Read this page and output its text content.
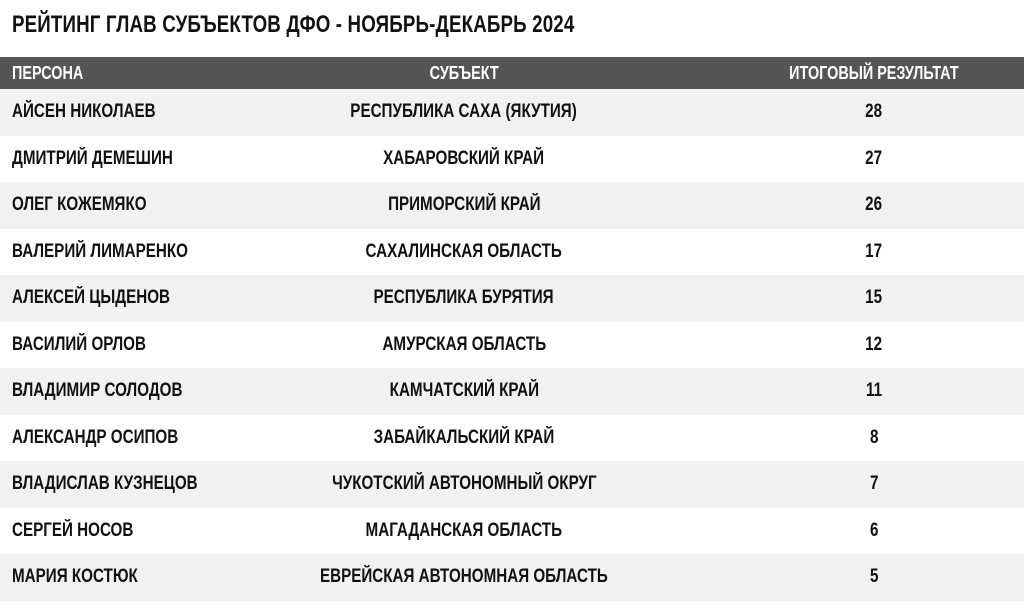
РЕЙТИНГ ГЛАВ СУБЪЕКТОВ ДФО - НОЯБРЬ-ДЕКАБРЬ 2024
ПЕРСОНА	СУБЪЕКТ	ИТОГОВЫЙ РЕЗУЛЬТАТ
АЙСЕН НИКОЛАЕВ	РЕСПУБЛИКА САХА (ЯКУТИЯ)	28
ДМИТРИЙ ДЕМЕШИН	ХАБАРОВСКИЙ КРАЙ	27
ОЛЕГ КОЖЕМЯКО	ПРИМОРСКИЙ КРАЙ	26
ВАЛЕРИЙ ЛИМАРЕНКО	САХАЛИНСКАЯ ОБЛАСТЬ	17
АЛЕКСЕЙ ЦЫДЕНОВ	РЕСПУБЛИКА БУРЯТИЯ	15
ВАСИЛИЙ ОРЛОВ	АМУРСКАЯ ОБЛАСТЬ	12
ВЛАДИМИР СОЛОДОВ	КАМЧАТСКИЙ КРАЙ	11
АЛЕКСАНДР ОСИПОВ	ЗАБАЙКАЛЬСКИЙ КРАЙ	8
ВЛАДИСЛАВ КУЗНЕЦОВ	ЧУКОТСКИЙ АВТОНОМНЫЙ ОКРУГ	7
СЕРГЕЙ НОСОВ	МАГАДАНСКАЯ ОБЛАСТЬ	6
МАРИЯ КОСТЮК	ЕВРЕЙСКАЯ АВТОНОМНАЯ ОБЛАСТЬ	5
